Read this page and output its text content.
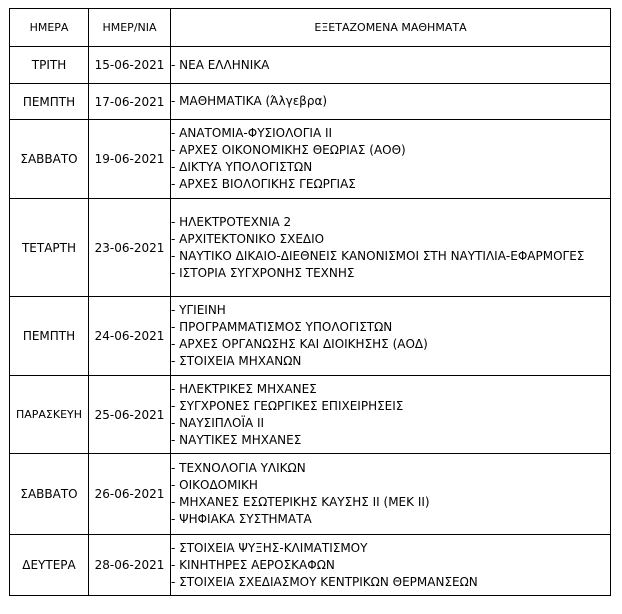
ΗΜΕΡΑ	ΗΜΕΡ/ΝΙΑ	ΕΞΕΤΑΖΟΜΕΝΑ ΜΑΘΗΜΑΤΑ
ΤΡΙΤΗ	15-06-2021	- ΝΕΑ ΕΛΛΗΝΙΚΑ

ΠΕΜΠΤΗ	17-06-2021	- ΜΑΘΗΜΑΤΙΚΑ (Άλγεβρα)

ΣΑΒΒΑΤΟ	19-06-2021	- ΑΝΑΤΟΜΙΑ-ΦΥΣΙΟΛΟΓΙΑ ΙΙ
- ΑΡΧΕΣ ΟΙΚΟΝΟΜΙΚΗΣ ΘΕΩΡΙΑΣ (ΑΟΘ)
- ΔΙΚΤΥΑ ΥΠΟΛΟΓΙΣΤΩΝ
- ΑΡΧΕΣ ΒΙΟΛΟΓΙΚΗΣ ΓΕΩΡΓΙΑΣ

ΤΕΤΑΡΤΗ	23-06-2021	- ΗΛΕΚΤΡΟΤΕΧΝΙΑ 2
- ΑΡΧΙΤΕΚΤΟΝΙΚΟ ΣΧΕΔΙΟ
- ΝΑΥΤΙΚΟ ΔΙΚΑΙΟ-ΔΙΕΘΝΕΙΣ ΚΑΝΟΝΙΣΜΟΙ ΣΤΗ ΝΑΥΤΙΛΙΑ-ΕΦΑΡΜΟΓΕΣ
- ΙΣΤΟΡΙΑ ΣΥΓΧΡΟΝΗΣ ΤΕΧΝΗΣ

ΠΕΜΠΤΗ	24-06-2021	- ΥΓΙΕΙΝΗ
- ΠΡΟΓΡΑΜΜΑΤΙΣΜΟΣ ΥΠΟΛΟΓΙΣΤΩΝ
- ΑΡΧΕΣ ΟΡΓΑΝΩΣΗΣ ΚΑΙ ΔΙΟΙΚΗΣΗΣ (ΑΟΔ)
- ΣΤΟΙΧΕΙΑ ΜΗΧΑΝΩΝ

ΠΑΡΑΣΚΕΥΗ	25-06-2021	- ΗΛΕΚΤΡΙΚΕΣ ΜΗΧΑΝΕΣ
- ΣΥΓΧΡΟΝΕΣ ΓΕΩΡΓΙΚΕΣ ΕΠΙΧΕΙΡΗΣΕΙΣ
- ΝΑΥΣΙΠΛΟΪΑ ΙΙ
- ΝΑΥΤΙΚΕΣ ΜΗΧΑΝΕΣ

ΣΑΒΒΑΤΟ	26-06-2021	- ΤΕΧΝΟΛΟΓΙΑ ΥΛΙΚΩΝ
- ΟΙΚΟΔΟΜΙΚΗ
- ΜΗΧΑΝΕΣ ΕΣΩΤΕΡΙΚΗΣ ΚΑΥΣΗΣ ΙΙ (ΜΕΚ ΙΙ)
- ΨΗΦΙΑΚΑ ΣΥΣΤΗΜΑΤΑ

ΔΕΥΤΕΡΑ	28-06-2021	- ΣΤΟΙΧΕΙΑ ΨΥΞΗΣ-ΚΛΙΜΑΤΙΣΜΟΥ
- ΚΙΝΗΤΗΡΕΣ ΑΕΡΟΣΚΑΦΩΝ
- ΣΤΟΙΧΕΙΑ ΣΧΕΔΙΑΣΜΟΥ ΚΕΝΤΡΙΚΩΝ ΘΕΡΜΑΝΣΕΩΝ
